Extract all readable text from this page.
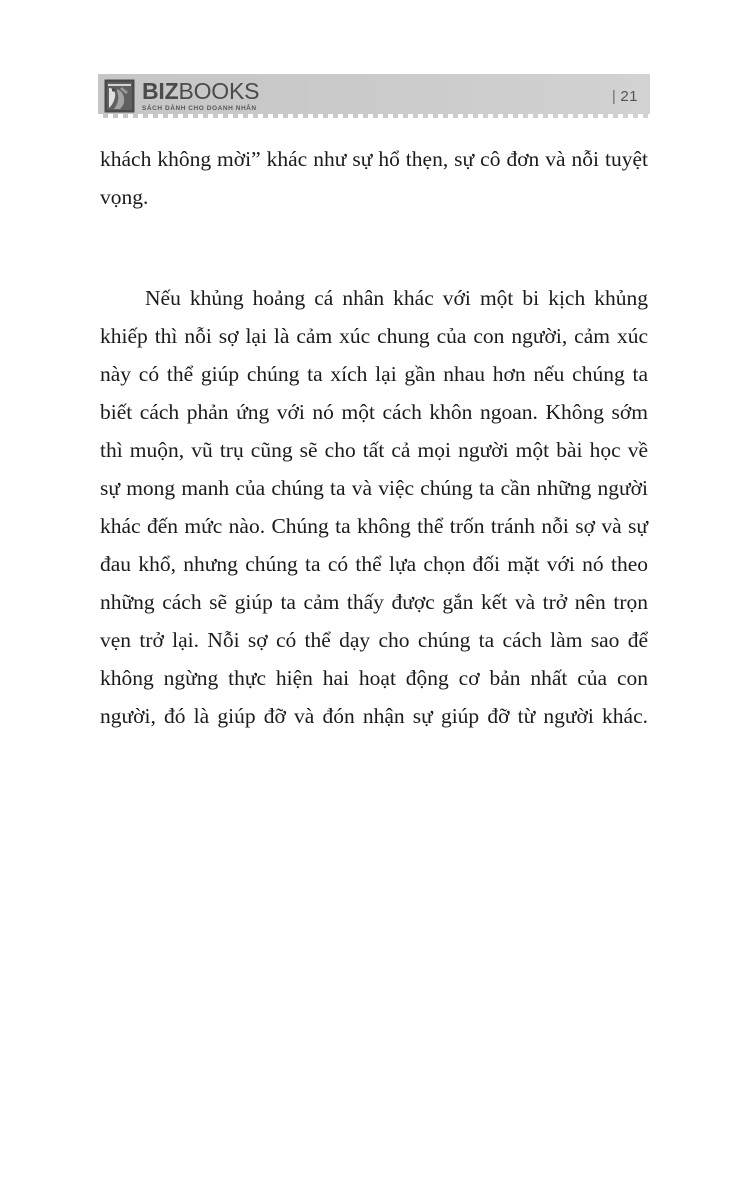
BIZBOOKS
SÁCH DÀNH CHO DOANH NHÂN
| 21

khách không mời” khác như sự hổ thẹn, sự cô đơn và nỗi tuyệt vọng.

Nếu khủng hoảng cá nhân khác với một bi kịch khủng khiếp thì nỗi sợ lại là cảm xúc chung của con người, cảm xúc này có thể giúp chúng ta xích lại gần nhau hơn nếu chúng ta biết cách phản ứng với nó một cách khôn ngoan. Không sớm thì muộn, vũ trụ cũng sẽ cho tất cả mọi người một bài học về sự mong manh của chúng ta và việc chúng ta cần những người khác đến mức nào. Chúng ta không thể trốn tránh nỗi sợ và sự đau khổ, nhưng chúng ta có thể lựa chọn đối mặt với nó theo những cách sẽ giúp ta cảm thấy được gắn kết và trở nên trọn vẹn trở lại. Nỗi sợ có thể dạy cho chúng ta cách làm sao để không ngừng thực hiện hai hoạt động cơ bản nhất của con người, đó là giúp đỡ và đón nhận sự giúp đỡ từ người khác.
